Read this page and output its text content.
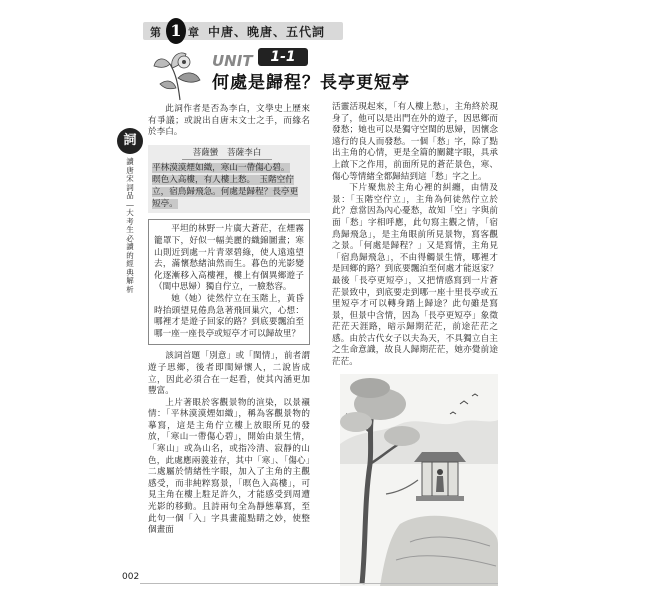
第 1 章 中唐、晚唐、五代詞
UNIT	1-1
何處是歸程？長亭更短亭
詞
讀唐宋詞品―大考生必讀的經典解析

此詞作者是否為李白，文學史上歷來有爭議；或說出自唐末文士之手，而緣名於李白。

菩薩蠻　菩薩李白
平林漠漠煙如織，寒山一帶傷心碧。
暝色入高樓，有人樓上愁。　玉階空佇
立，宿鳥歸飛急。何處是歸程？長亭更
短亭。

平坦的林野一片廣大蒼茫，在煙霧籠罩下，好似一幅美麗的織錦圖畫；寒山則近到處一片青翠碧綠，使人遠遠望去，滿懷愁緒油然而生。暮色的光影變化逐漸移入高樓裡，樓上有個異鄉遊子（閨中思婦）獨自佇立，一臉愁容。

她（她）徒然佇立在玉階上，黃昏時抬頭望見倦鳥急著飛回巢穴，心想：哪裡才是遊子回家的路？到底要飄泊至哪一座一座長亭或短亭才可以歸故里？

該詞首題「別意」或「閨情」，前者謂遊子思鄉，後者即閨婦懷人，二說皆成立，因此必須合在一起看，使其內涵更加豐富。

上片著眼於客觀景物的渲染，以景襯情：「平林漠漠煙如織」，稱為客觀景物的摹寫，這是主角佇立樓上放眼所見的發放，「寒山一帶傷心碧」，開始由景生情，「寒山」或為山名，或指冷清、寂靜的山色，此處應兩義並存，其中「寒」、「傷心」二處屬於情緒性字眼，加入了主角的主觀感受，而非純粹寫景，「暝色入高樓」，可見主角在樓上駐足許久，才能感受到周遭光影的移動。且詩兩句全為靜態摹寫，至此句一個「入」字具畫龍點睛之妙，使整個畫面

活靈活現起來，「有人樓上愁」，主角終於現身了，他可以是出門在外的遊子，因思鄉而發愁；她也可以是獨守空閨的思婦，因懷念遠行的良人而發愁。一個「愁」字，除了點出主角的心情，更是全篇的關鍵字眼，具承上啟下之作用，前面所見的蒼茫景色，寒、傷心等情緒全都歸結到這「愁」字之上。

下片聚焦於主角心裡的糾纏，由情及景：「玉階空佇立」，主角為何徒然佇立於此？意當因為內心憂愁，故知「空」字與前面「愁」字相呼應，此句寫主觀之情，「宿鳥歸飛急」，是主角眼前所見景物，寫客觀之景。「何處是歸程？」又是寫情，主角見「宿鳥歸飛急」，不由得觸景生情，哪裡才是回鄉的路？到底要飄泊至何處才能返家？最後「長亭更短亭」，又把情感寫到一片蒼茫景致中，到底要走到哪一座十里長亭或五里短亭才可以轉身踏上歸途？此句雖是寫景，但景中含情，因為「長亭更短亭」象徵茫茫天涯路，暗示歸期茫茫，前途茫茫之感。由於古代女子以夫為天，不具獨立自主之生命意識，故良人歸期茫茫，她亦覺前途茫茫。

002
